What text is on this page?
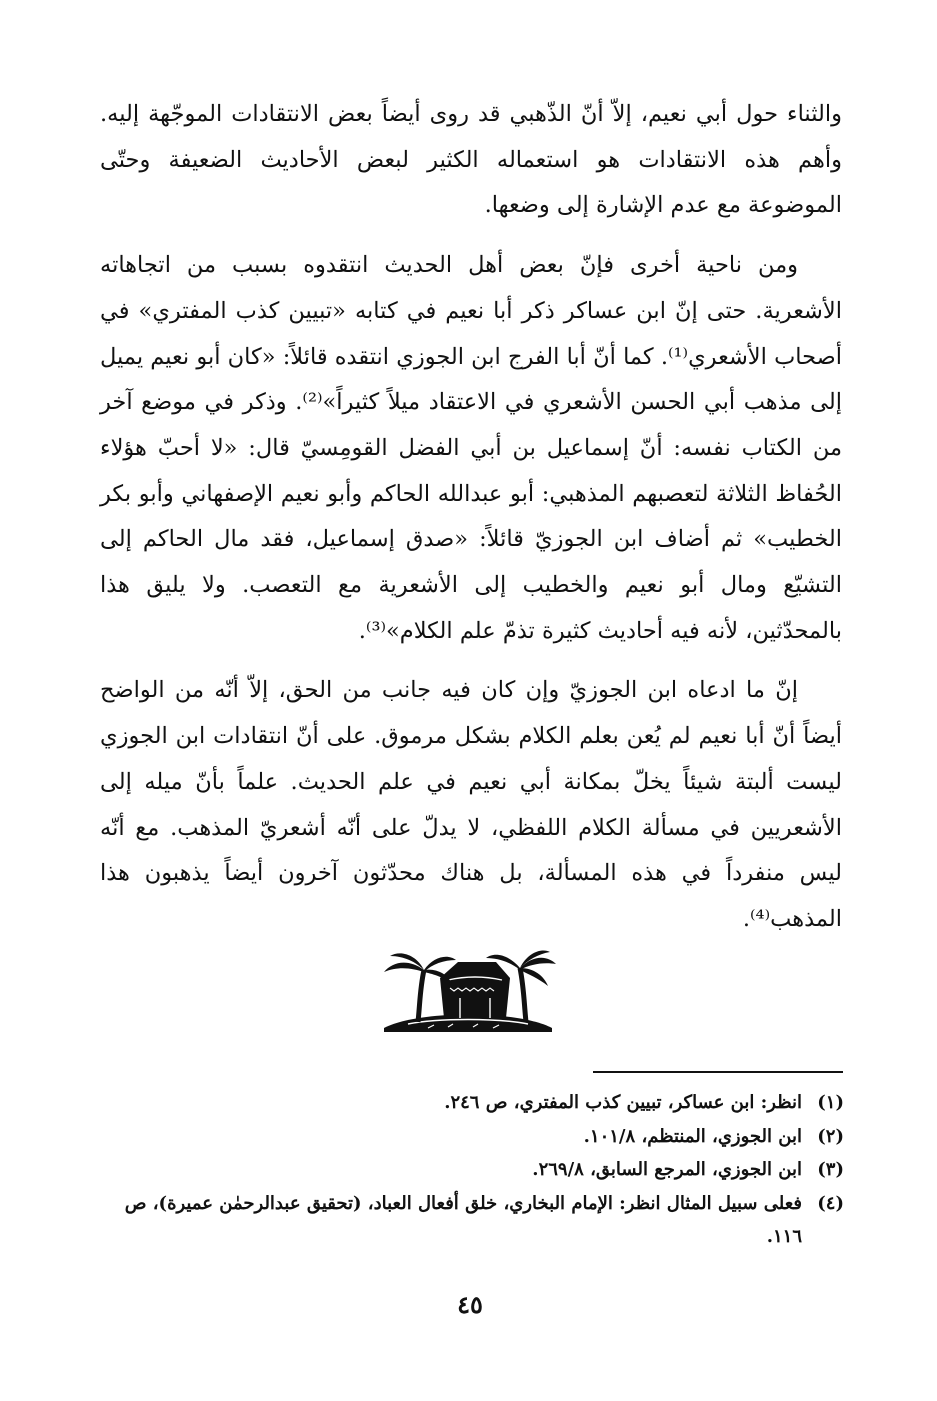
والثناء حول أبي نعيم، إلاّ أنّ الذّهبي قد روى أيضاً بعض الانتقادات الموجّهة إليه. وأهم هذه الانتقادات هو استعماله الكثير لبعض الأحاديث الضعيفة وحتّى الموضوعة مع عدم الإشارة إلى وضعها.

ومن ناحية أخرى فإنّ بعض أهل الحديث انتقدوه بسبب من اتجاهاته الأشعرية. حتى إنّ ابن عساكر ذكر أبا نعيم في كتابه «تبيين كذب المفتري» في أصحاب الأشعري⁽¹⁾. كما أنّ أبا الفرج ابن الجوزي انتقده قائلاً: «كان أبو نعيم يميل إلى مذهب أبي الحسن الأشعري في الاعتقاد ميلاً كثيراً»⁽²⁾. وذكر في موضع آخر من الكتاب نفسه: أنّ إسماعيل بن أبي الفضل القومِسيّ قال: «لا أحبّ هؤلاء الحُفاظ الثلاثة لتعصبهم المذهبي: أبو عبدالله الحاكم وأبو نعيم الإصفهاني وأبو بكر الخطيب» ثم أضاف ابن الجوزيّ قائلاً: «صدق إسماعيل، فقد مال الحاكم إلى التشيّع ومال أبو نعيم والخطيب إلى الأشعرية مع التعصب. ولا يليق هذا بالمحدّثين، لأنه فيه أحاديث كثيرة تذمّ علم الكلام»⁽³⁾.

إنّ ما ادعاه ابن الجوزيّ وإن كان فيه جانب من الحق، إلاّ أنّه من الواضح أيضاً أنّ أبا نعيم لم يُعن بعلم الكلام بشكل مرموق. على أنّ انتقادات ابن الجوزي ليست ألبتة شيئاً يخلّ بمكانة أبي نعيم في علم الحديث. علماً بأنّ ميله إلى الأشعريين في مسألة الكلام اللفظي، لا يدلّ على أنّه أشعريّ المذهب. مع أنّه ليس منفرداً في هذه المسألة، بل هناك محدّثون آخرون أيضاً يذهبون هذا المذهب⁽⁴⁾.

(١)
انظر: ابن عساكر، تبيين كذب المفتري، ص ٢٤٦.
(٢)
ابن الجوزي، المنتظم، ١٠١/٨.
(٣)
ابن الجوزي، المرجع السابق، ٢٦٩/٨.
(٤)
فعلى سبيل المثال انظر: الإمام البخاري، خلق أفعال العباد، (تحقيق عبدالرحمٰن عميرة)، ص ١١٦.
٤٥
